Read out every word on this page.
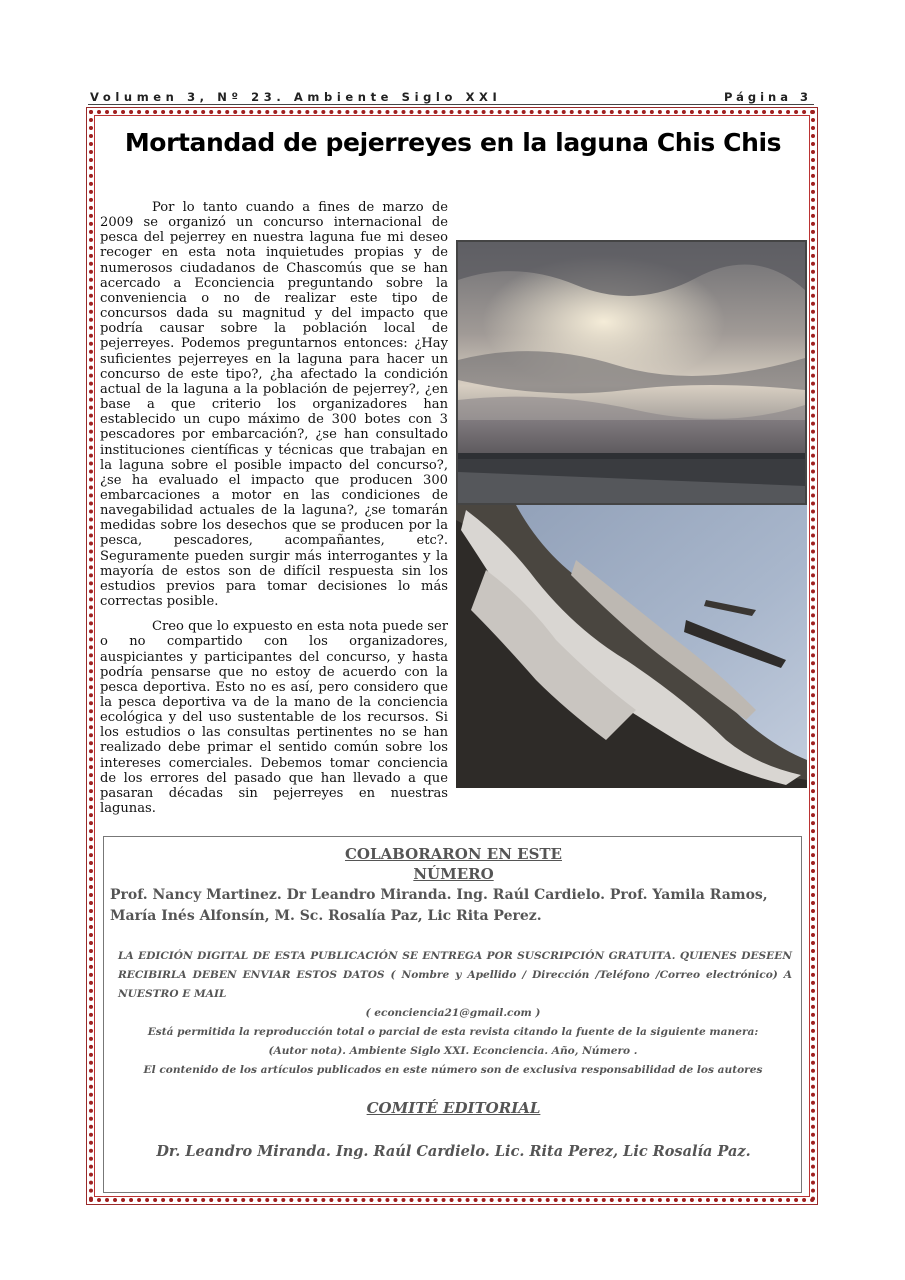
Volumen 3, Nº 23. Ambiente Siglo XXI	Página 3
Mortandad de pejerreyes en la laguna Chis Chis

Por lo tanto cuando a fines de marzo de 2009 se organizó un concurso internacional de pesca del pejerrey en nuestra laguna fue mi deseo recoger en esta nota inquietudes propias y de numerosos ciudadanos de Chascomús que se han acercado a Econciencia preguntando sobre la conveniencia o no de realizar este tipo de concursos dada su magnitud y del impacto que podría causar sobre la población local de pejerreyes. Podemos preguntarnos entonces: ¿Hay suficientes pejerreyes en la laguna para hacer un concurso de este tipo?, ¿ha afectado la condición actual de la laguna a la población de pejerrey?, ¿en base a que criterio los organizadores han establecido un cupo máximo de 300 botes con 3 pescadores por embarcación?, ¿se han consultado instituciones científicas y técnicas que trabajan en la laguna sobre el posible impacto del concurso?, ¿se ha evaluado el impacto que producen 300 embarcaciones a motor en las condiciones de navegabilidad actuales de la laguna?, ¿se tomarán medidas sobre los desechos que se producen por la pesca, pescadores, acompañantes, etc?. Seguramente pueden surgir más interrogantes y la mayoría de estos son de difícil respuesta sin los estudios previos para tomar decisiones lo más correctas posible.

Creo que lo expuesto en esta nota puede ser o no compartido con los organizadores, auspiciantes y participantes del concurso, y hasta podría pensarse que no estoy de acuerdo con la pesca deportiva. Esto no es así, pero considero que la pesca deportiva va de la mano de la conciencia ecológica y del uso sustentable de los recursos. Si los estudios o las consultas pertinentes no se han realizado debe primar el sentido común sobre los intereses comerciales. Debemos tomar conciencia de los errores del pasado que han llevado a que pasaran décadas sin pejerreyes en nuestras lagunas.

COLABORARON EN ESTE
NÚMERO
Prof. Nancy Martinez. Dr Leandro Miranda. Ing. Raúl Cardielo. Prof. Yamila Ramos,
María Inés Alfonsín, M. Sc. Rosalía Paz, Lic Rita Perez.
LA EDICIÓN DIGITAL DE ESTA PUBLICACIÓN SE ENTREGA POR SUSCRIPCIÓN GRATUITA. QUIENES DESEEN RECIBIRLA DEBEN ENVIAR ESTOS DATOS ( Nombre y Apellido / Dirección /Teléfono /Correo electrónico) A NUESTRO E MAIL
( econciencia21@gmail.com )
Está permitida la reproducción total o parcial de esta revista citando la fuente de la siguiente manera:
(Autor nota). Ambiente Siglo XXI. Econciencia. Año, Número .
El contenido de los artículos publicados en este número son de exclusiva responsabilidad de los autores
COMITÉ EDITORIAL
Dr. Leandro Miranda. Ing. Raúl Cardielo. Lic. Rita Perez, Lic Rosalía Paz.
